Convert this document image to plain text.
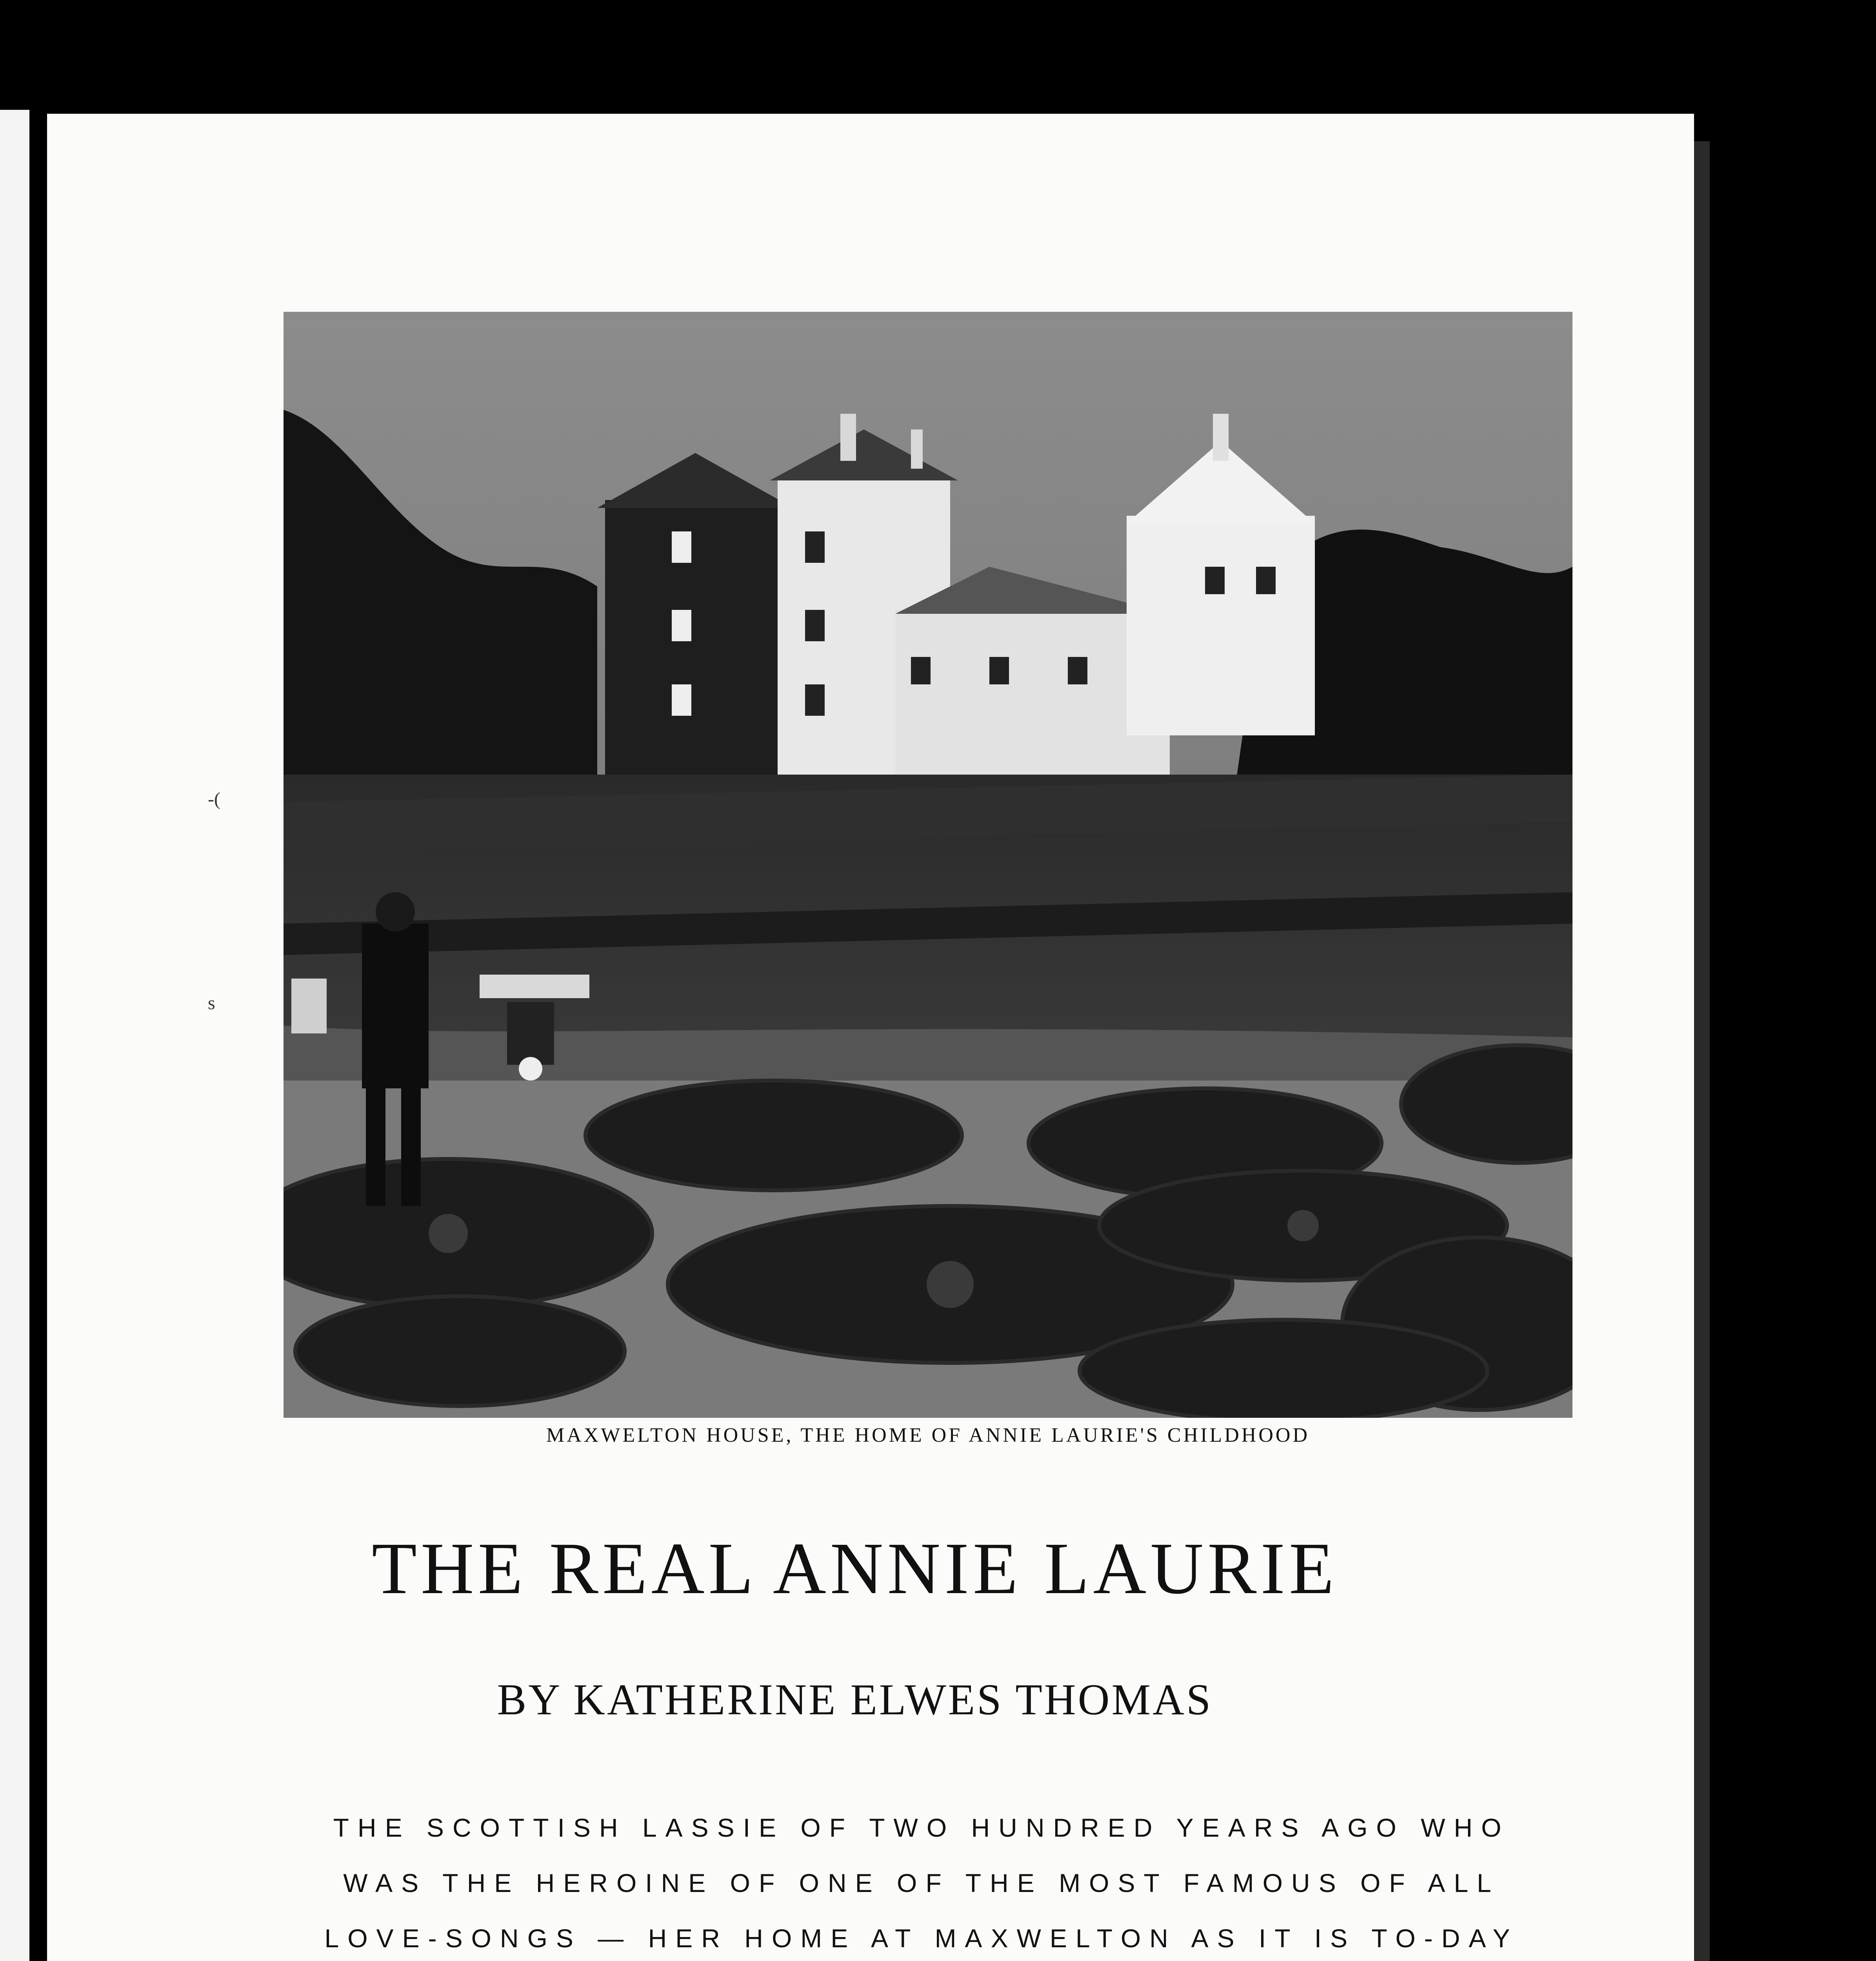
MAXWELTON HOUSE, THE HOME OF ANNIE LAURIE'S CHILDHOOD
THE REAL ANNIE LAURIE
BY KATHERINE ELWES THOMAS
THE SCOTTISH LASSIE OF TWO HUNDRED YEARS AGO WHO
WAS THE HEROINE OF ONE OF THE MOST FAMOUS OF ALL
LOVE-SONGS — HER HOME AT MAXWELTON AS IT IS TO-DAY

-(
s
